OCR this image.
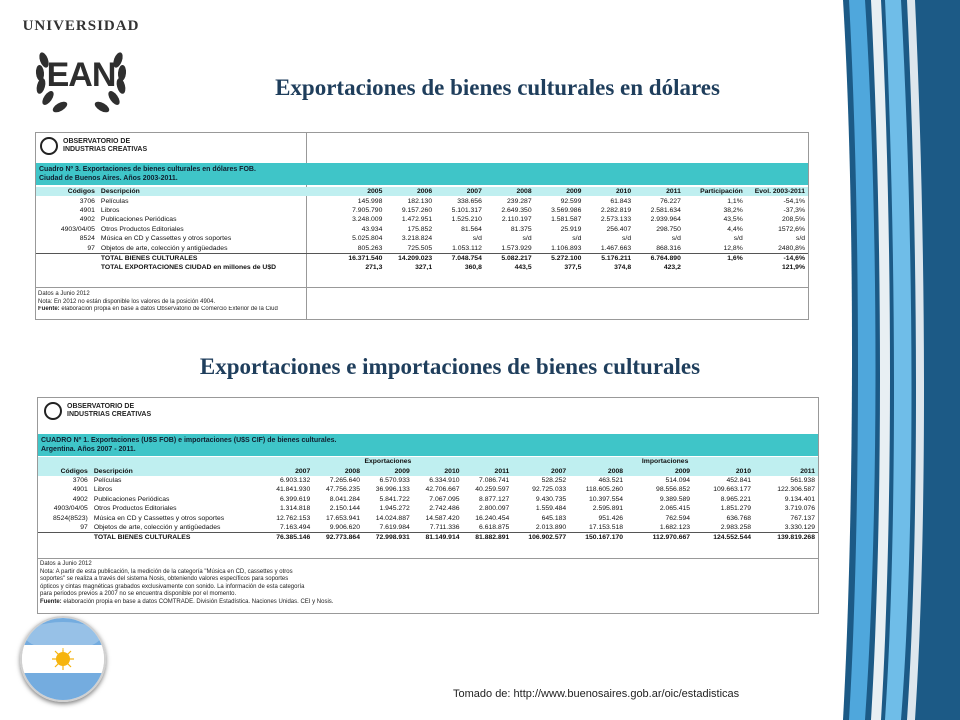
UNIVERSIDAD
EAN	Exportaciones de bienes culturales en dólares
OBSERVATORIO DE
INDUSTRIAS CREATIVAS
Cuadro Nº 3. Exportaciones de bienes culturales en dólares FOB.
Ciudad de Buenos Aires. Años 2003-2011.
Códigos	Descripción	2005	2006	2007	2008	2009	2010	2011	Participación	Evol. 2003-2011
3706	Películas	145.998	182.130	338.656	239.287	92.599	61.843	76.227	1,1%	-54,1%
4901	Libros	7.905.790	9.157.260	5.101.317	2.649.350	3.569.986	2.282.819	2.581.634	38,2%	-37,3%
4902	Publicaciones Periódicas	3.248.009	1.472.951	1.525.210	2.110.197	1.581.587	2.573.133	2.939.964	43,5%	208,5%
4903/04/05	Otros Productos Editoriales	43.934	175.852	81.564	81.375	25.919	256.407	298.750	4,4%	1572,6%
8524	Música en CD y Cassettes y otros soportes	5.025.804	3.218.824	s/d	s/d	s/d	s/d	s/d	s/d	s/d
97	Objetos de arte, colección y antigüedades	805.263	725.505	1.053.112	1.573.929	1.106.893	1.467.663	868.316	12,8%	2480,8%
	TOTAL BIENES CULTURALES	16.371.540	14.209.023	7.048.754	5.082.217	5.272.100	5.176.211	6.764.890	1,6%	-14,6%
	TOTAL EXPORTACIONES CIUDAD en millones de U$D	271,3	327,1	360,8	443,5	377,5	374,8	423,2		121,9%
Datos a Junio 2012
Nota: En 2012 no están disponible los valores de la posición 4904.
Fuente: elaboración propia en base a datos Observatorio de Comercio Exterior de la Ciud
Exportaciones e importaciones de bienes culturales
OBSERVATORIO DE
INDUSTRIAS CREATIVAS
CUADRO Nº 1. Exportaciones (U$S FOB) e importaciones (U$S CIF) de bienes culturales.
Argentina. Años 2007 - 2011.
		Exportaciones					Importaciones				
Códigos	Descripción	2007	2008	2009	2010	2011	2007	2008	2009	2010	2011
3706	Películas	6.903.132	7.265.640	6.570.933	6.334.910	7.086.741	528.252	463.521	514.094	452.841	561.938
4901	Libros	41.841.930	47.756.235	36.996.133	42.706.667	40.259.597	92.725.033	118.605.260	98.556.852	109.663.177	122.306.587
4902	Publicaciones Periódicas	6.399.619	8.041.284	5.841.722	7.067.095	8.877.127	9.430.735	10.397.554	9.389.589	8.965.221	9.134.401
4903/04/05	Otros Productos Editoriales	1.314.818	2.150.144	1.945.272	2.742.486	2.800.097	1.559.484	2.595.891	2.065.415	1.851.279	3.719.076
8524(8523)	Música en CD y Cassettes y otros soportes	12.762.153	17.653.941	14.024.887	14.587.420	16.240.454	645.183	951.426	762.594	636.768	767.137
97	Objetos de arte, colección y antigüedades	7.163.494	9.906.620	7.619.984	7.711.336	6.618.875	2.013.890	17.153.518	1.682.123	2.983.258	3.330.129
	TOTAL BIENES CULTURALES	76.385.146	92.773.864	72.998.931	81.149.914	81.882.891	106.902.577	150.167.170	112.970.667	124.552.544	139.819.268
Datos a Junio 2012
Nota: A partir de esta publicación, la medición de la categoría "Música en CD, cassettes y otros
soportes" se realiza a través del sistema Nosis, obteniendo valores específicos para soportes
ópticos y cintas magnéticas grabados exclusivamente con sonido. La información de esta categoría
para periodos previos a 2007 no se encuentra disponible por el momento.
Fuente: elaboración propia en base a datos COMTRADE. División Estadística. Naciones Unidas. CEI y Nosis.
Tomado de: http://www.buenosaires.gob.ar/oic/estadisticas
